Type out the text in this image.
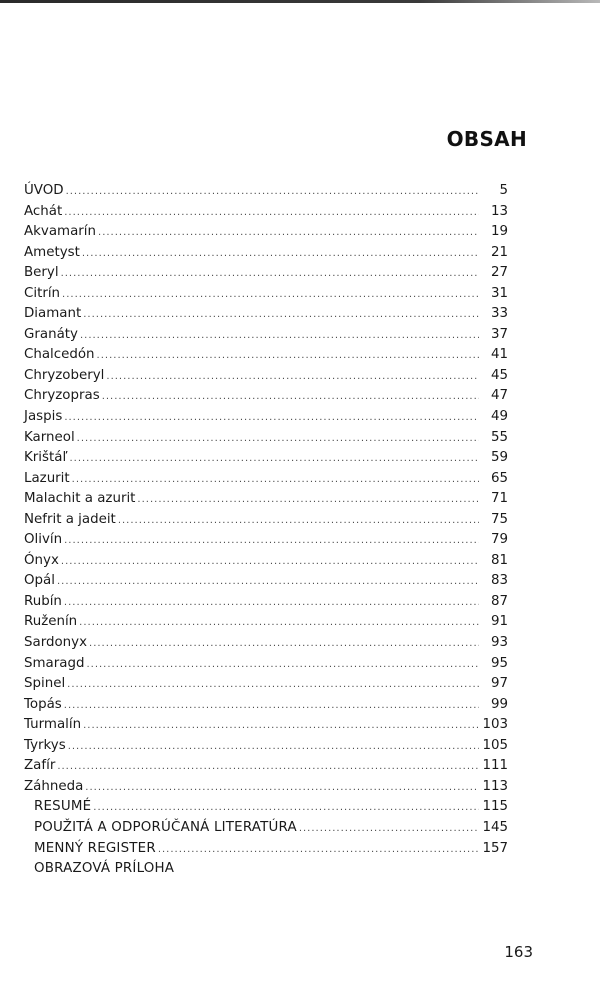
OBSAH
ÚVOD .....	5
Achát .....	13
Akvamarín .....	19
Ametyst .....	21
Beryl .....	27
Citrín .....	31
Diamant .....	33
Granáty .....	37
Chalcedón .....	41
Chryzoberyl .....	45
Chryzopras .....	47
Jaspis .....	49
Karneol .....	55
Krištáľ .....	59
Lazurit .....	65
Malachit a azurit .....	71
Nefrit a jadeit .....	75
Olivín .....	79
Ónyx .....	81
Opál .....	83
Rubín .....	87
Ruženín .....	91
Sardonyx .....	93
Smaragd .....	95
Spinel .....	97
Topás .....	99
Turmalín .....	103
Tyrkys .....	105
Zafír .....	111
Záhneda .....	113
RESUMÉ .....	115
POUŽITÁ A ODPORÚČANÁ LITERATÚRA .....	145
MENNÝ REGISTER .....	157
OBRAZOVÁ PRÍLOHA
163
